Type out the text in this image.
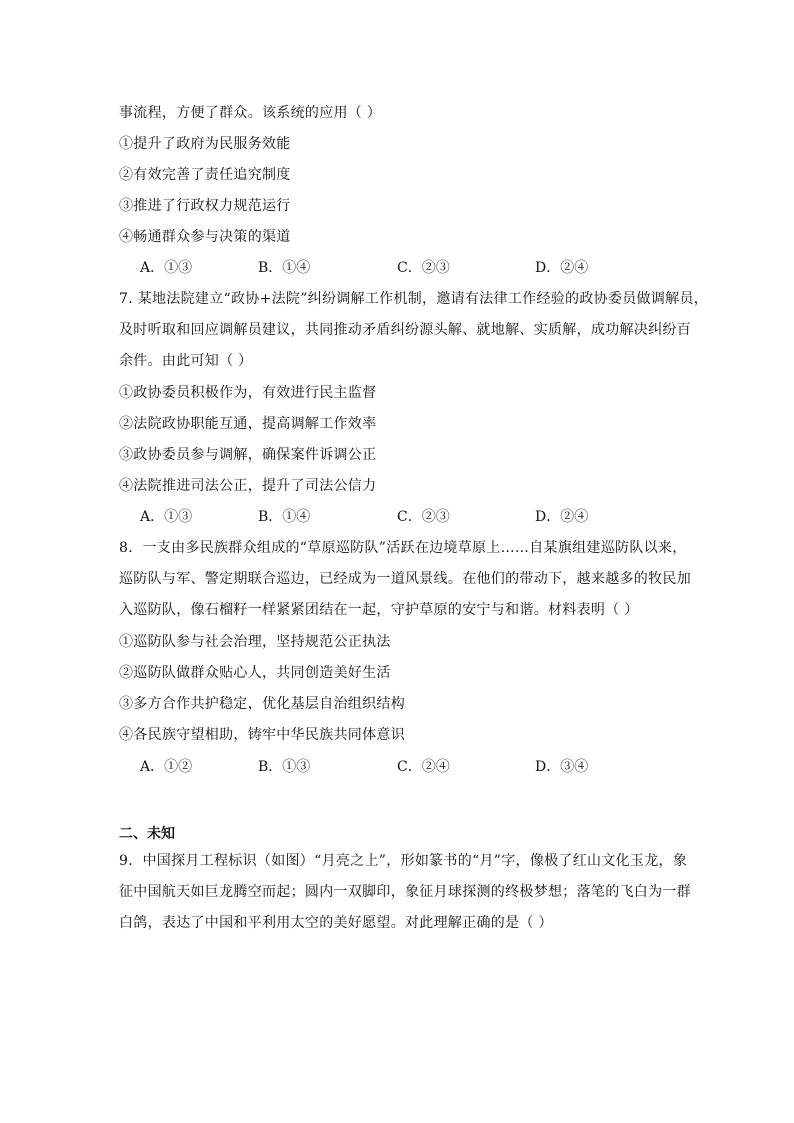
事流程，方便了群众。该系统的应用（ ）
①提升了政府为民服务效能
②有效完善了责任追究制度
③推进了行政权力规范运行
④畅通群众参与决策的渠道
A．①③	B．①④	C．②③	D．②④
7. 某地法院建立“政协+法院”纠纷调解工作机制，邀请有法律工作经验的政协委员做调解员，
及时听取和回应调解员建议，共同推动矛盾纠纷源头解、就地解、实质解，成功解决纠纷百
余件。由此可知（ ）
①政协委员积极作为，有效进行民主监督
②法院政协职能互通，提高调解工作效率
③政协委员参与调解，确保案件诉调公正
④法院推进司法公正，提升了司法公信力
A．①③	B．①④	C．②③	D．②④
8．一支由多民族群众组成的“草原巡防队”活跃在边境草原上……自某旗组建巡防队以来，
巡防队与军、警定期联合巡边，已经成为一道风景线。在他们的带动下，越来越多的牧民加
入巡防队，像石榴籽一样紧紧团结在一起，守护草原的安宁与和谐。材料表明（ ）
①巡防队参与社会治理，坚持规范公正执法
②巡防队做群众贴心人，共同创造美好生活
③多方合作共护稳定，优化基层自治组织结构
④各民族守望相助，铸牢中华民族共同体意识
A．①②	B．①③	C．②④	D．③④
二、未知
9．中国探月工程标识（如图）“月亮之上”，形如篆书的“月”字，像极了红山文化玉龙，象
征中国航天如巨龙腾空而起；圆内一双脚印，象征月球探测的终极梦想；落笔的飞白为一群
白鸽，表达了中国和平利用太空的美好愿望。对此理解正确的是（ ）
